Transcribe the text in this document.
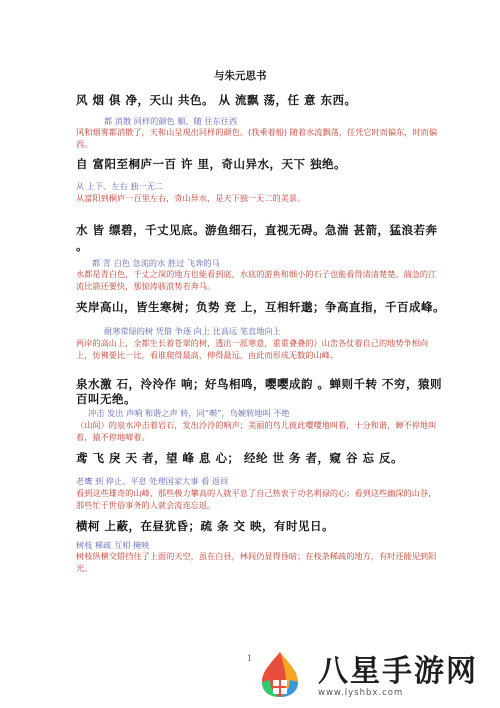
与朱元思书
风 烟 俱 净，天山 共色。 从 流飘 荡，任 意 东西。
都 消散 同样的颜色 顺、随 往东往西
风和烟雾都消散了，天和山呈现出同样的颜色。(我乘着船) 随着水流飘荡，任凭它时而偏东，时而偏西。
自 富阳至桐庐一百 许 里，奇山异水，天下 独绝。
从 上下、左右 独一无二
从富阳到桐庐一百里左右，奇山异水，是天下独一无二的美景。
水 皆 缥碧，千丈见底。游鱼细石，直视无碍。急湍 甚箭，猛浪若奔 。
都 青 白色 急流的水 胜过 飞奔的马
水都是青白色，千丈之深的地方也能看到底，水底的游鱼和细小的石子也能看得清清楚楚。湍急的江流比箭还要快，那惊涛骇浪势若奔马。
夹岸高山，皆生寒树；负势 竞 上，互相轩邈；争高直指，千百成峰。
耐寒常绿的树 凭借 争逐 向上 比高远 笔直地向上
两岸的高山上，全都生长着苍翠的树，透出一派寒意，重重叠叠的）山峦各仗着自己的地势争相向上，仿佛要比一比，看谁爬得最高，伸得最远，由此而形成无数的山峰。
泉水激 石，泠泠作 响；好鸟相鸣，嘤嘤成韵 。蝉则千转 不穷，猿则百叫无绝。
冲击 发出 声响 和谐之声 转，同“啭”，鸟婉转地叫 不绝
（山间）的泉水冲击着岩石，发出泠泠的响声；美丽的鸟儿彼此嘤嘤地叫着，十分和谐，蝉不停地叫着，猿不停地啼着。
鸢 飞 戾 天 者，望 峰 息 心； 经纶 世 务 者，窥 谷 忘 反。
老鹰 到 停止、平息 处理国家大事 看 返回
看到这些雄奇的山峰，那些极力攀高的人就平息了自己热衷于功名利禄的心；看到这些幽深的山谷，那些忙于世俗事务的人就会流连忘返。
横柯 上蔽，在昼犹昏；疏 条 交 映，有时见日。
树枝 稀疏 互相 掩映
树枝纵横交错挡住了上面的天空，虽在白昼，林间仍显得昏暗；在枝条稀疏的地方，有时还能见到阳光。
1 八星手游网
www.lyshbx.com
